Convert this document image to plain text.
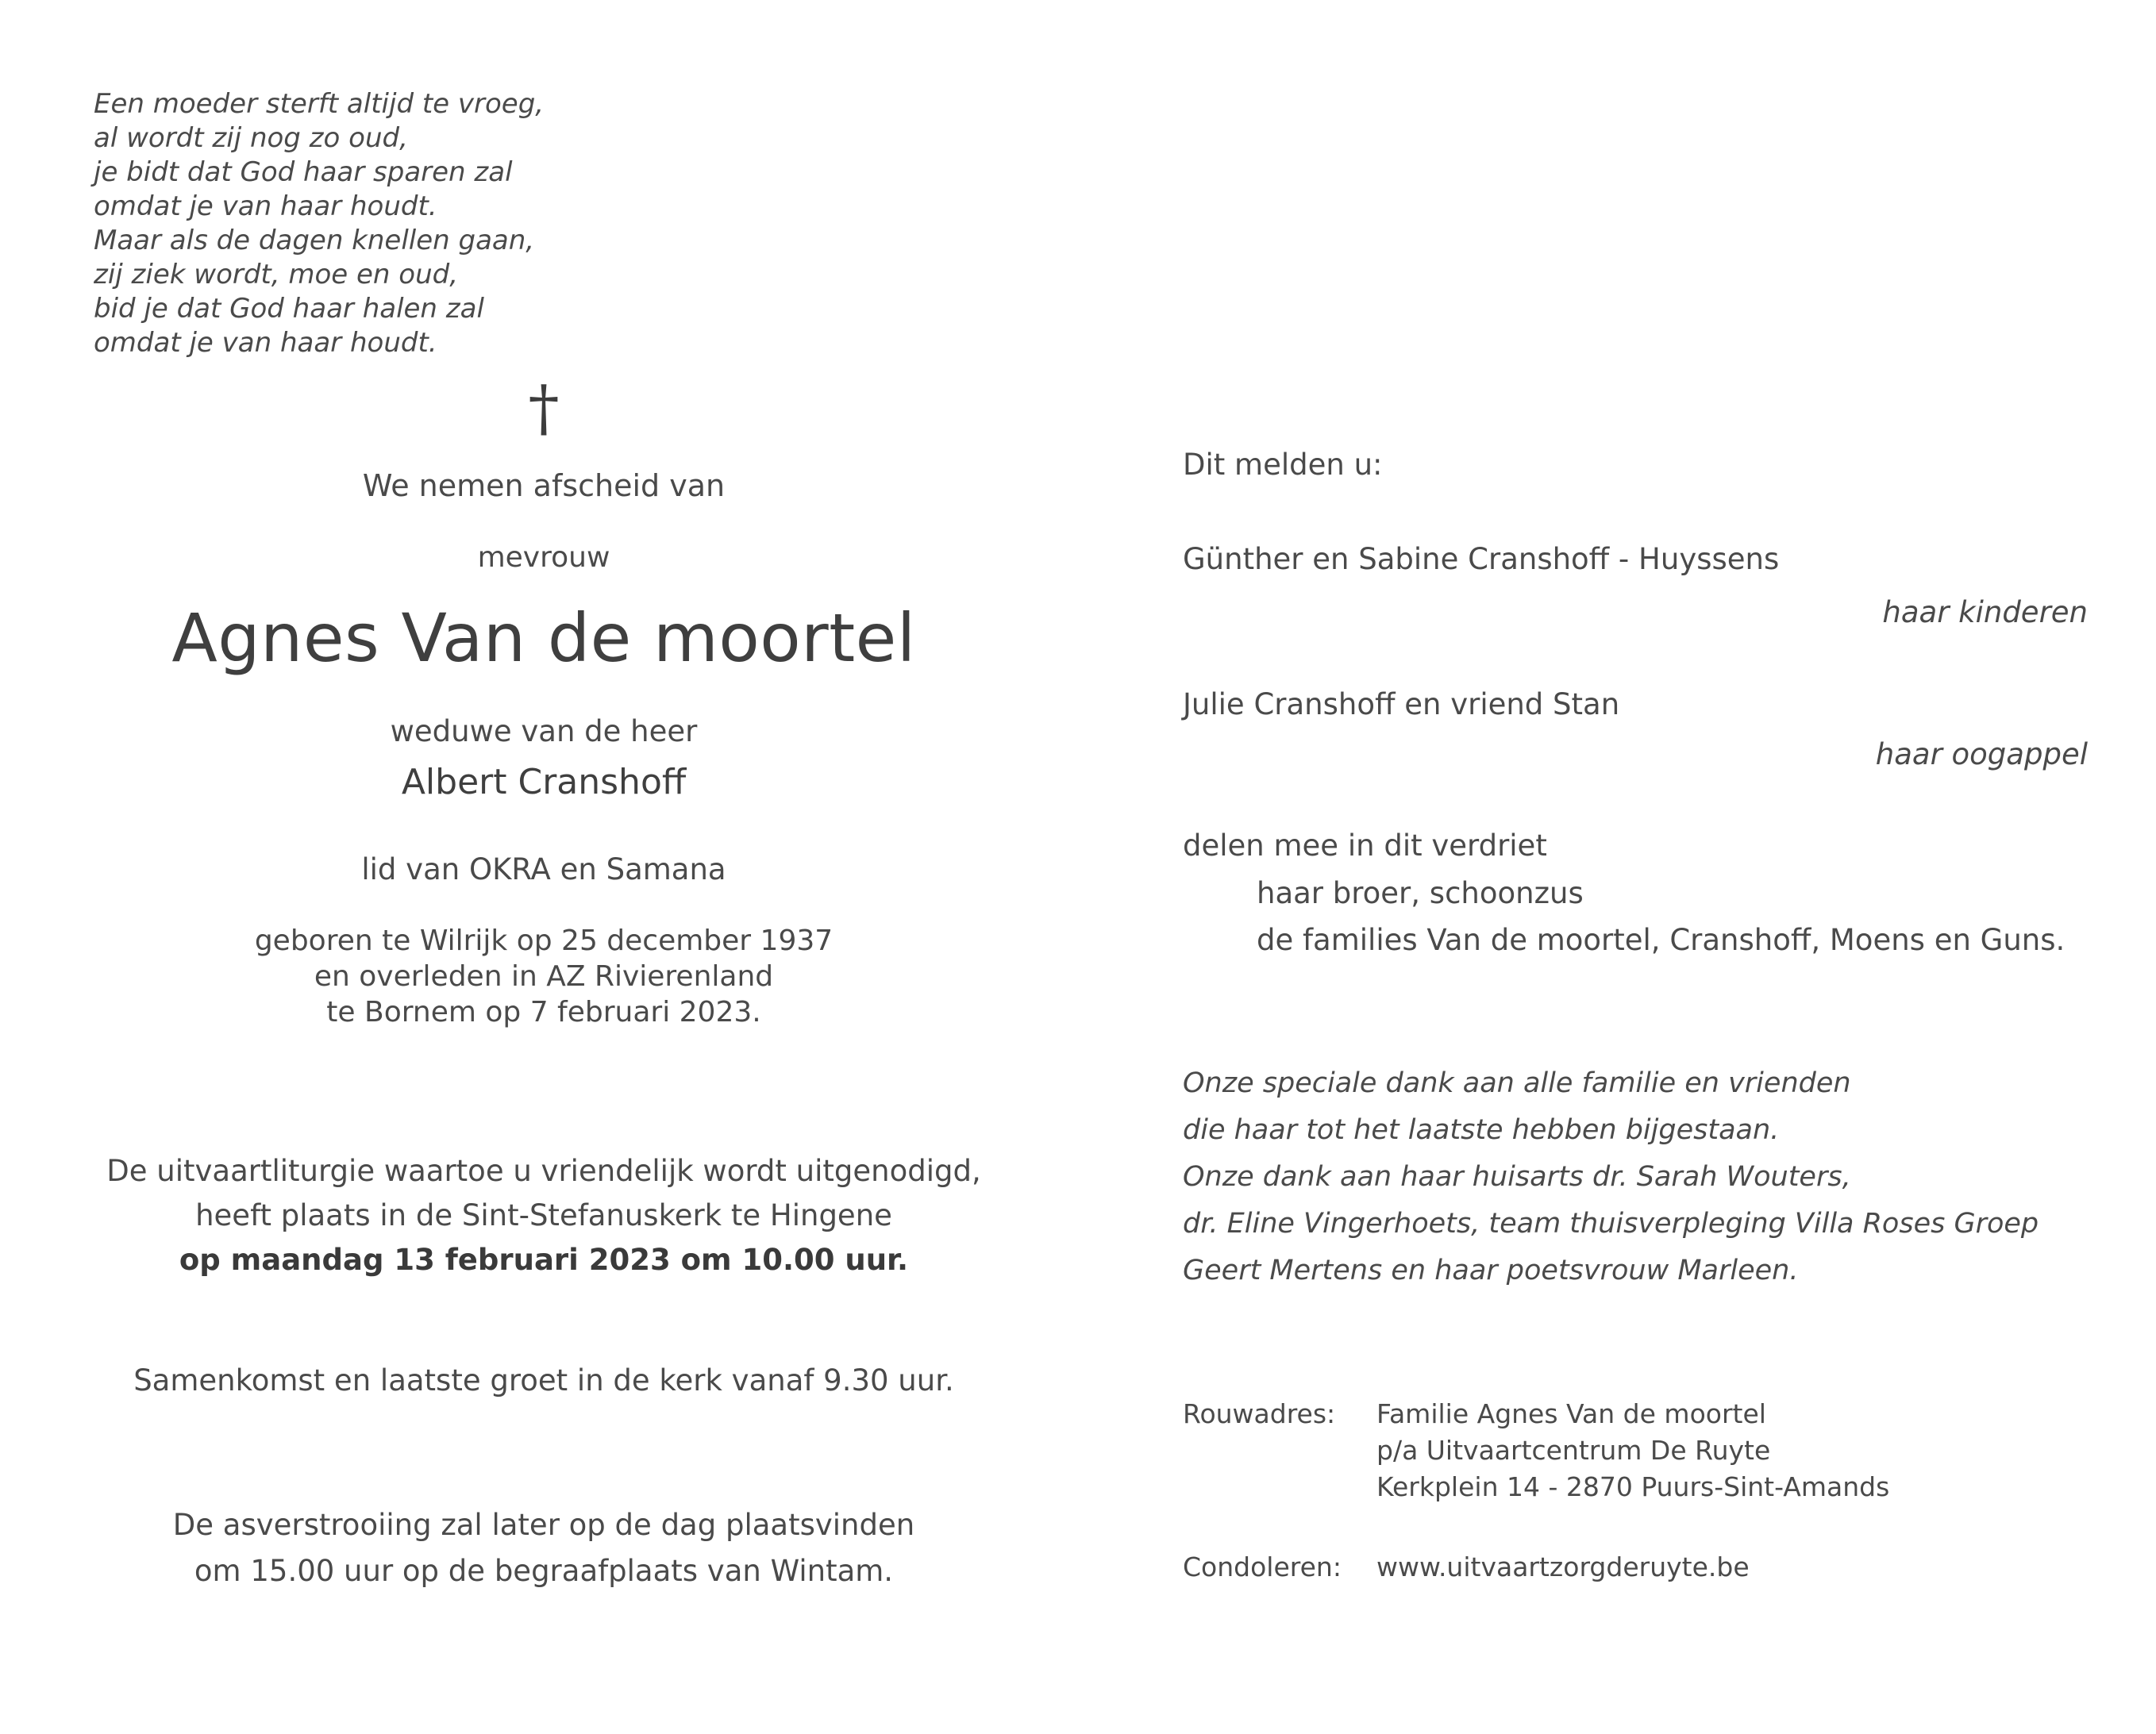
Een moeder sterft altijd te vroeg,
al wordt zij nog zo oud,
je bidt dat God haar sparen zal
omdat je van haar houdt.
Maar als de dagen knellen gaan,
zij ziek wordt, moe en oud,
bid je dat God haar halen zal
omdat je van haar houdt.
†
We nemen afscheid van
mevrouw
Agnes Van de moortel
weduwe van de heer
Albert Cranshoff
lid van OKRA en Samana
geboren te Wilrijk op 25 december 1937
en overleden in AZ Rivierenland
te Bornem op 7 februari 2023.
De uitvaartliturgie waartoe u vriendelijk wordt uitgenodigd,
heeft plaats in de Sint-Stefanuskerk te Hingene
op maandag 13 februari 2023 om 10.00 uur.
Samenkomst en laatste groet in de kerk vanaf 9.30 uur.
De asverstrooiing zal later op de dag plaatsvinden
om 15.00 uur op de begraafplaats van Wintam.
Dit melden u:
Günther en Sabine Cranshoff - Huyssens
haar kinderen
Julie Cranshoff en vriend Stan
haar oogappel
delen mee in dit verdriet
haar broer, schoonzus
de families Van de moortel, Cranshoff, Moens en Guns.
Onze speciale dank aan alle familie en vrienden
die haar tot het laatste hebben bijgestaan.
Onze dank aan haar huisarts dr. Sarah Wouters,
dr. Eline Vingerhoets, team thuisverpleging Villa Roses Groep
Geert Mertens en haar poetsvrouw Marleen.
Rouwadres: Familie Agnes Van de moortel
p/a Uitvaartcentrum De Ruyte
Kerkplein 14 - 2870 Puurs-Sint-Amands
Condoleren: www.uitvaartzorgderuyte.be
